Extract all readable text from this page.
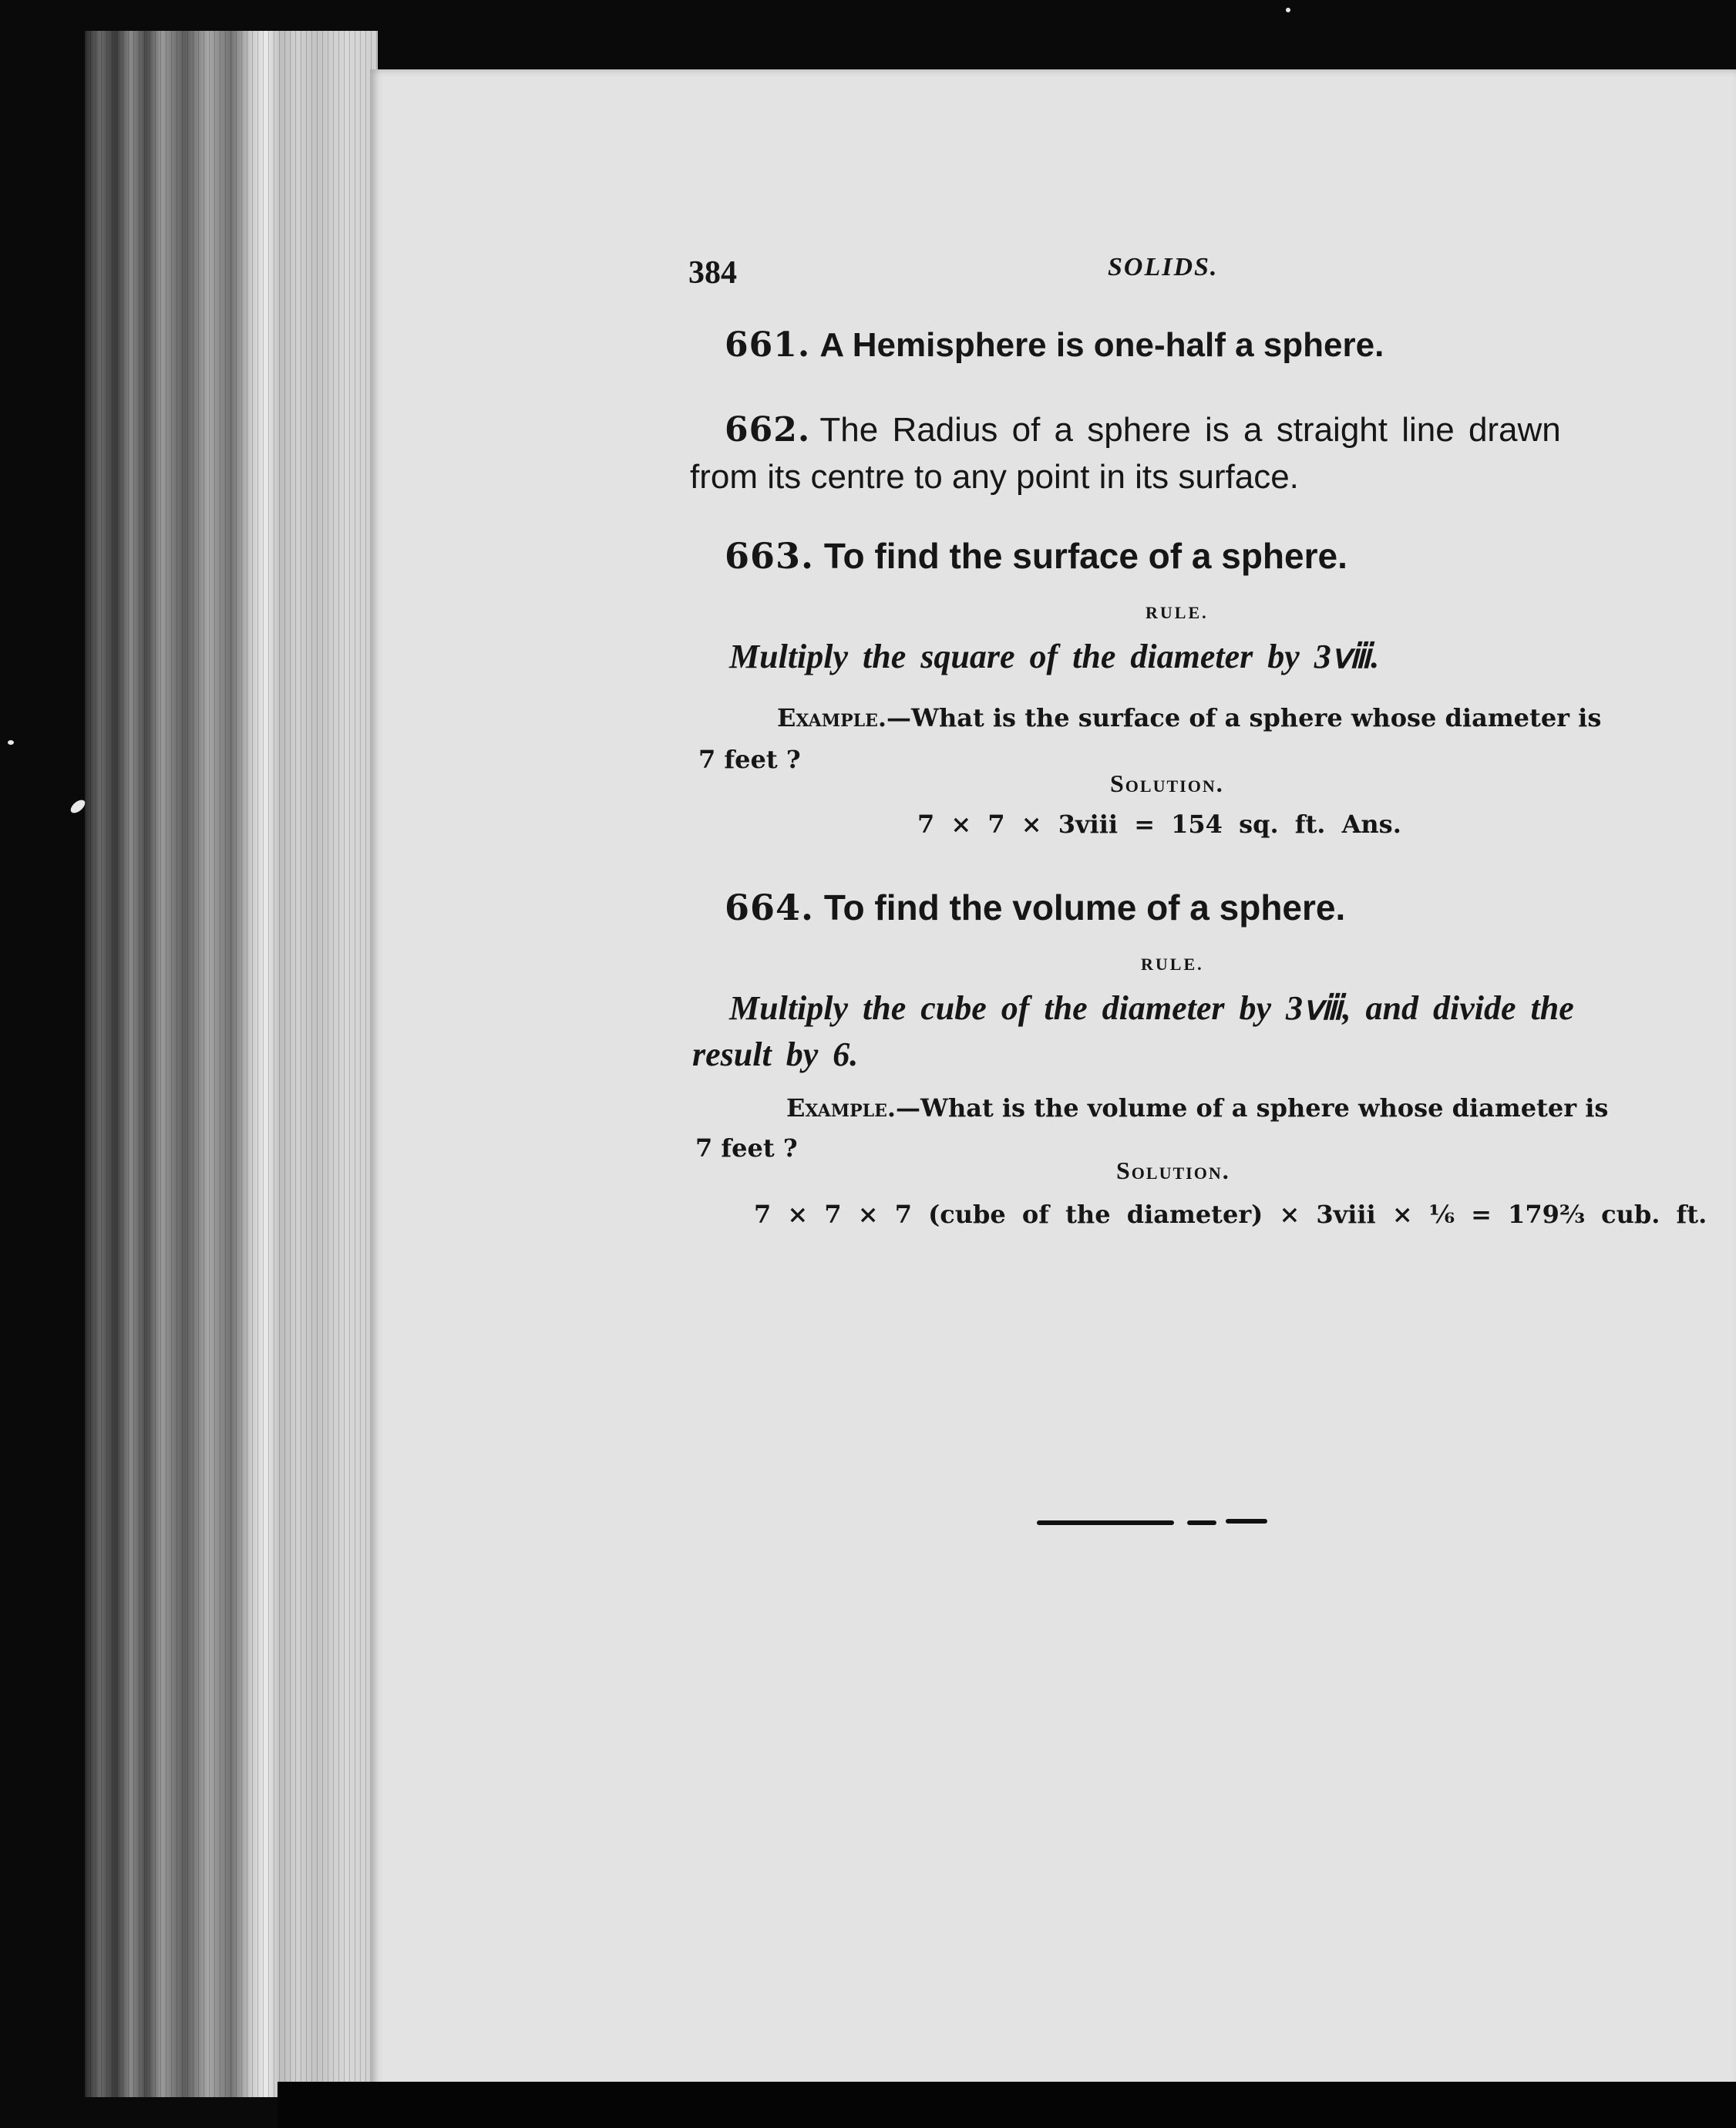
384	SOLIDS.
661. A Hemisphere is one-half a sphere.
662. The Radius of a sphere is a straight line drawn
from its centre to any point in its surface.
663. To find the surface of a sphere.
RULE.
Multiply the square of the diameter by 3ⅷ.
Example.—What is the surface of a sphere whose diameter is
7 feet ?
Solution.
7 × 7 × 3ⅷ = 154 sq. ft. Ans.
664. To find the volume of a sphere.
RULE.
Multiply the cube of the diameter by 3ⅷ, and divide the
result by 6.
Example.—What is the volume of a sphere whose diameter is
7 feet ?
Solution.
7 × 7 × 7 (cube of the diameter) × 3ⅷ × ⅙ = 179⅔ cub. ft.
